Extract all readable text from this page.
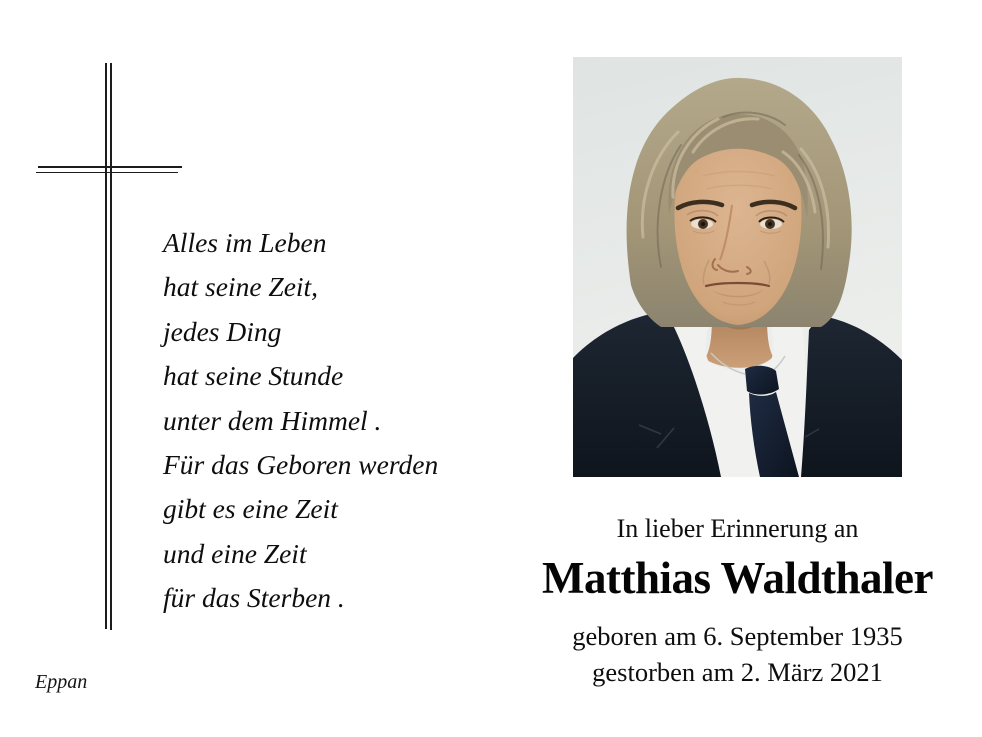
Alles im Leben
hat seine Zeit,
jedes Ding
hat seine Stunde
unter dem Himmel .
Für das Geboren werden
gibt es eine Zeit
und eine Zeit
für das Sterben .
Eppan
In lieber Erinnerung an
Matthias Waldthaler
geboren am 6. September 1935
gestorben am 2. März 2021
